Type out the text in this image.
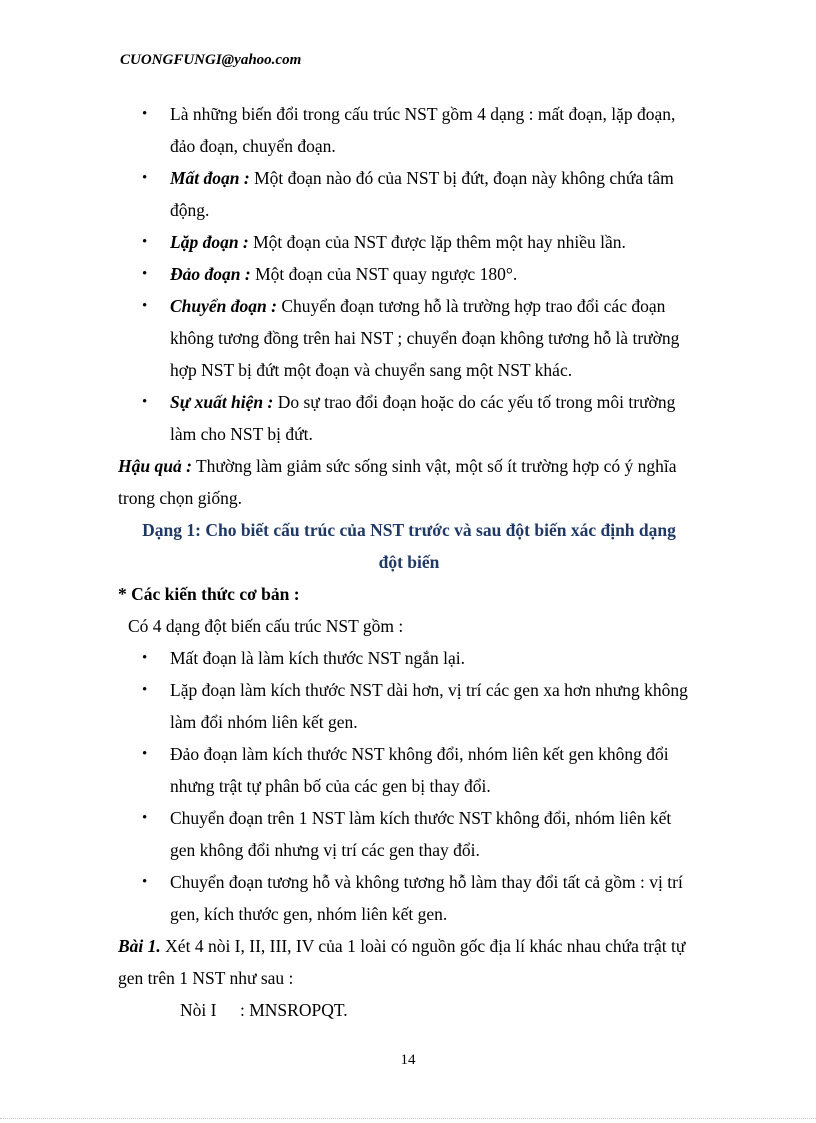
CUONGFUNGI@yahoo.com
• Là những biến đổi trong cấu trúc NST gồm 4 dạng : mất đoạn, lặp đoạn, đảo đoạn, chuyển đoạn.
• Mất đoạn : Một đoạn nào đó của NST bị đứt, đoạn này không chứa tâm động.
• Lặp đoạn : Một đoạn của NST được lặp thêm một hay nhiều lần.
• Đảo đoạn : Một đoạn của NST quay ngược 180°.
• Chuyển đoạn : Chuyển đoạn tương hỗ là trường hợp trao đổi các đoạn không tương đồng trên hai NST ; chuyển đoạn không tương hỗ là trường hợp NST bị đứt một đoạn và chuyển sang một NST khác.
• Sự xuất hiện : Do sự trao đổi đoạn hoặc do các yếu tố trong môi trường làm cho NST bị đứt.

Hậu quả : Thường làm giảm sức sống sinh vật, một số ít trường hợp có ý nghĩa trong chọn giống.

Dạng 1: Cho biết cấu trúc của NST trước và sau đột biến xác định dạng
đột biến

* Các kiến thức cơ bản :

Có 4 dạng đột biến cấu trúc NST gồm :

• Mất đoạn là làm kích thước NST ngắn lại.
• Lặp đoạn làm kích thước NST dài hơn, vị trí các gen xa hơn nhưng không làm đổi nhóm liên kết gen.
• Đảo đoạn làm kích thước NST không đổi, nhóm liên kết gen không đổi nhưng trật tự phân bố của các gen bị thay đổi.
• Chuyển đoạn trên 1 NST làm kích thước NST không đổi, nhóm liên kết gen không đổi nhưng vị trí các gen thay đổi.
• Chuyển đoạn tương hỗ và không tương hỗ làm thay đổi tất cả gồm : vị trí gen, kích thước gen, nhóm liên kết gen.

Bài 1. Xét 4 nòi I, II, III, IV của 1 loài có nguồn gốc địa lí khác nhau chứa trật tự gen trên 1 NST như sau :

Nòi I : MNSROPQT.

14
